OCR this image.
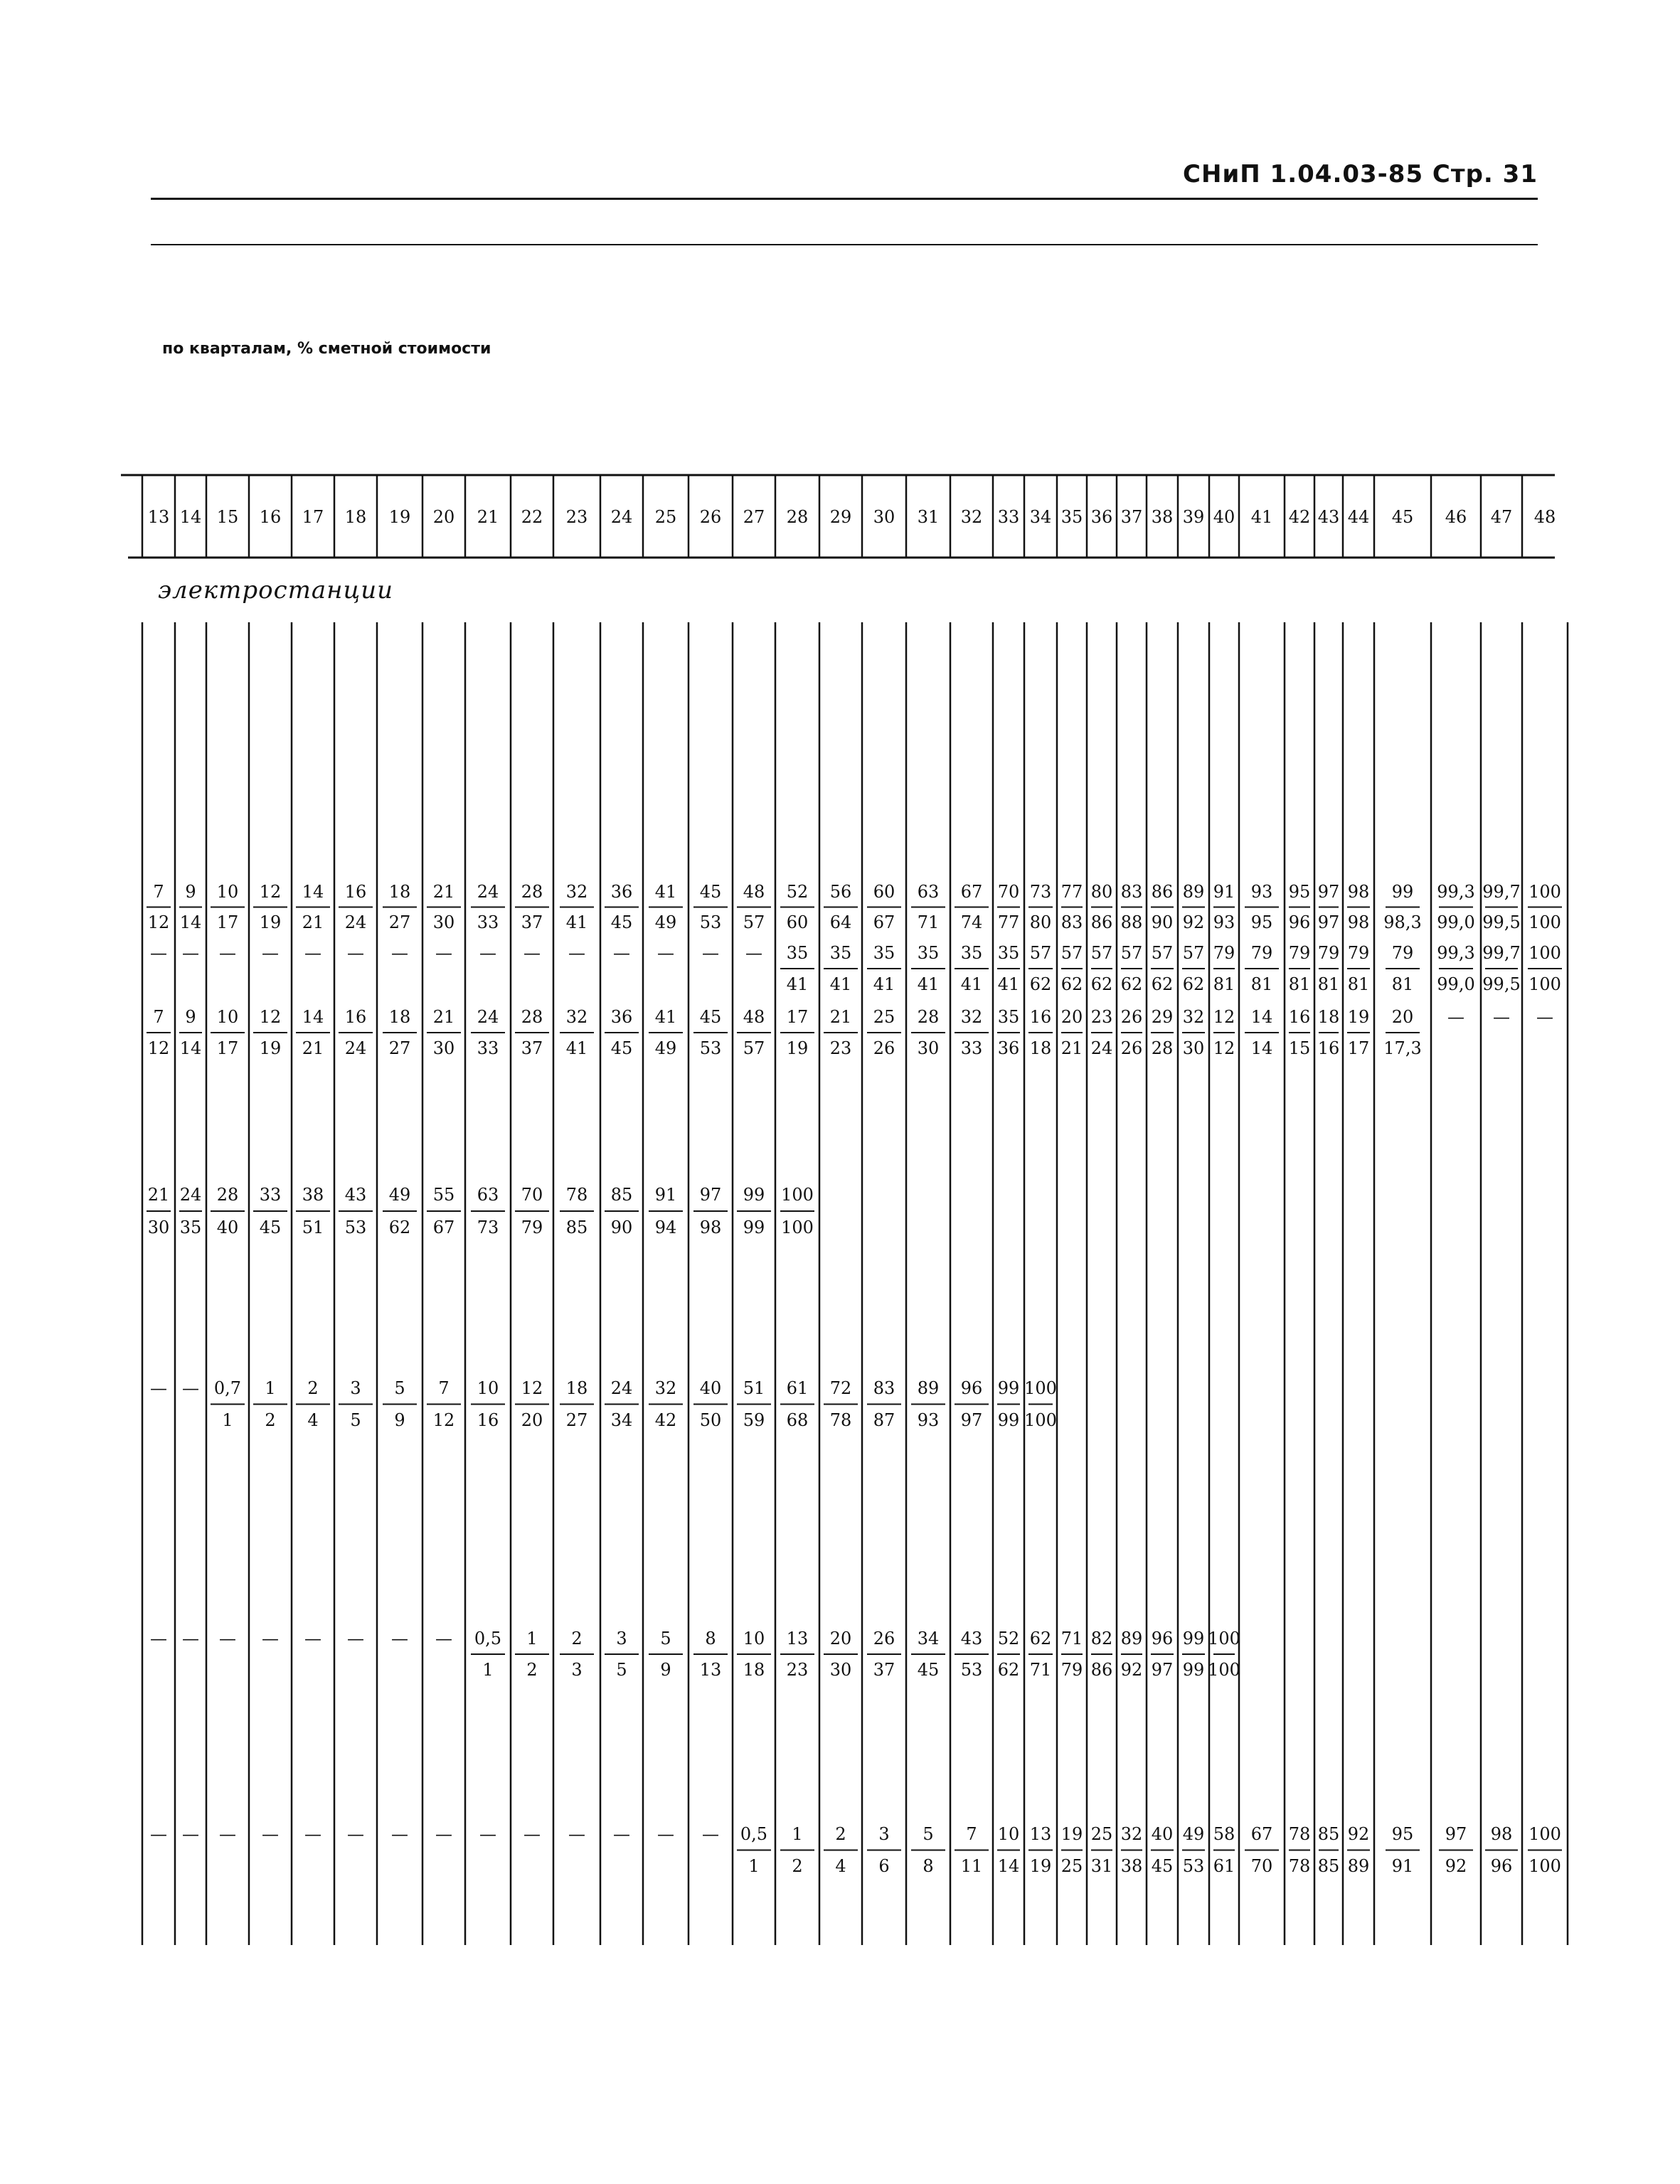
СНиП 1.04.03-85 Стр. 31
по кварталам, % сметной стоимости
электростанции
13 14 15 16 17 18 19 20 21 22 23 24 25 26 27 28 29 30 31 32 33 34 35 36 37 38 39 40 41 42 43 44 45 46 47 48
7
12
9
14
10
17
12
19
14
21
16
24
18
27
21
30
24
33
28
37
32
41
36
45
41
49
45
53
48
57
52
60
56
64
60
67
63
71
67
74
70
77
73
80
77
83
80
86
83
88
86
90
89
92
91
93
93
95
95
96
97
97
98
98
99
98,3
99,3
99,0
99,7
99,5
100
100
— — — — — — — — — — — — — — — 35
41
35
41
35
41
35
41
35
41
35
41
57
62
57
62
57
62
57
62
57
62
57
62
79
81
79
81
79
81
79
81
79
81
79
81
99,3
99,0
99,7
99,5
100
100
7
12
9
14
10
17
12
19
14
21
16
24
18
27
21
30
24
33
28
37
32
41
36
45
41
49
45
53
48
57
17
19
21
23
25
26
28
30
32
33
35
36
16
18
20
21
23
24
26
26
29
28
32
30
12
12
14
14
16
15
18
16
19
17
20
17,3
— — —
21
30
24
35
28
40
33
45
38
51
43
53
49
62
55
67
63
73
70
79
78
85
85
90
91
94
97
98
99
99
100
100
— — 0,7
1
1
2
2
4
3
5
5
9
7
12
10
16
12
20
18
27
24
34
32
42
40
50
51
59
61
68
72
78
83
87
89
93
96
97
99
99
100
100
— — — — — — — — 0,5
1
1
2
2
3
3
5
5
9
8
13
10
18
13
23
20
30
26
37
34
45
43
53
52
62
62
71
71
79
82
86
89
92
96
97
99
99
100
100
— — — — — — — — — — — — — — 0,5
1
1
2
2
4
3
6
5
8
7
11
10
14
13
19
19
25
25
31
32
38
40
45
49
53
58
61
67
70
78
78
85
85
92
89
95
91
97
92
98
96
100
100
